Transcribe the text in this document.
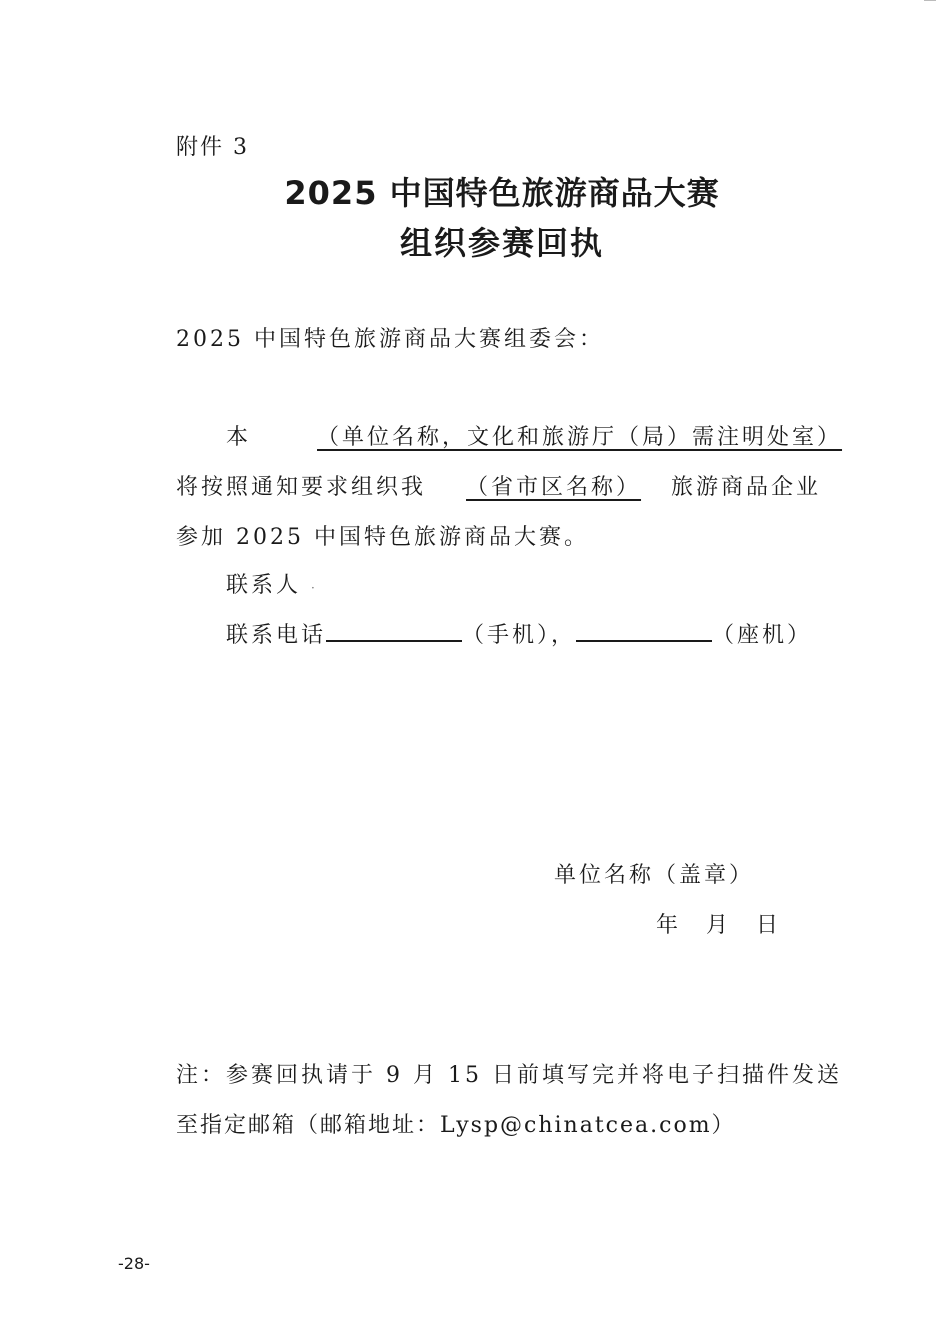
附件 3
2025 中国特色旅游商品大赛
组织参赛回执
2025 中国特色旅游商品大赛组委会：
本	（单位名称，文化和旅游厅（局）需注明处室）
将按照通知要求组织我 （省市区名称） 旅游商品企业
参加 2025 中国特色旅游商品大赛。
联系人 ·
联系电话	（手机），	（座机）
单位名称（盖章）
年 月 日
注：参赛回执请于 9 月 15 日前填写完并将电子扫描件发送
至指定邮箱（邮箱地址：Lysp@chinatcea.com）
-28-
